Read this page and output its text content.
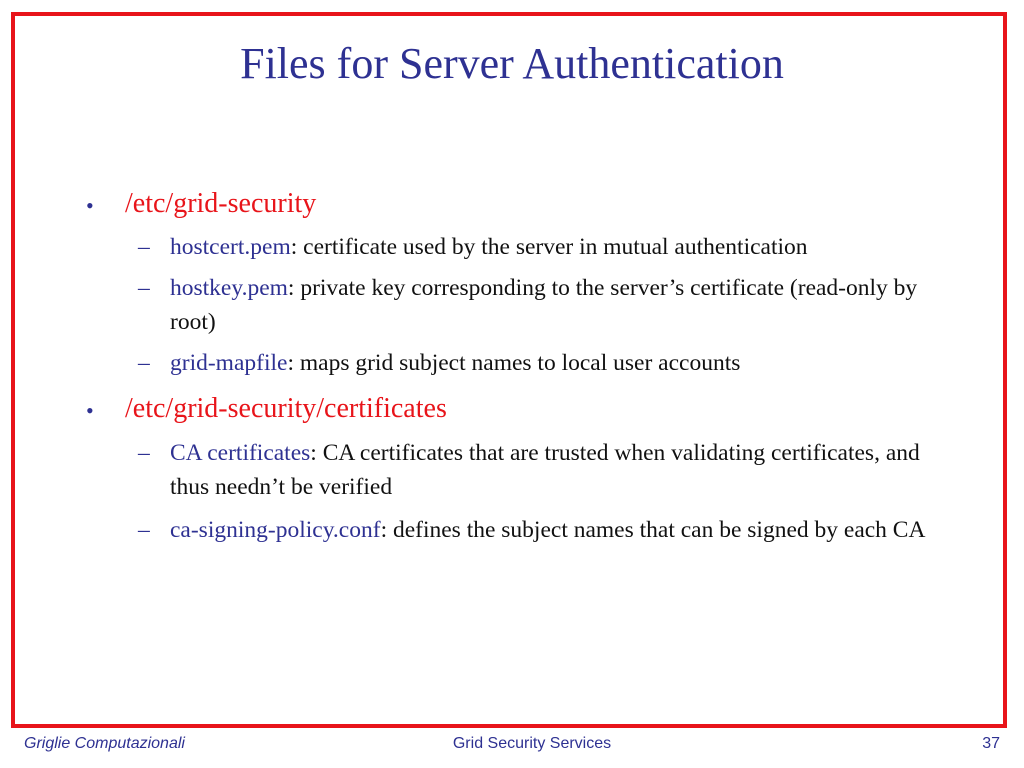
Files for Server Authentication
• /etc/grid-security
– hostcert.pem: certificate used by the server in mutual authentication
– hostkey.pem: private key corresponding to the server’s certificate (read-only by root)
– grid-mapfile: maps grid subject names to local user accounts
• /etc/grid-security/certificates
– CA certificates: CA certificates that are trusted when validating certificates, and thus needn’t be verified
– ca-signing-policy.conf: defines the subject names that can be signed by each CA
Griglie Computazionali	Grid Security Services	37
